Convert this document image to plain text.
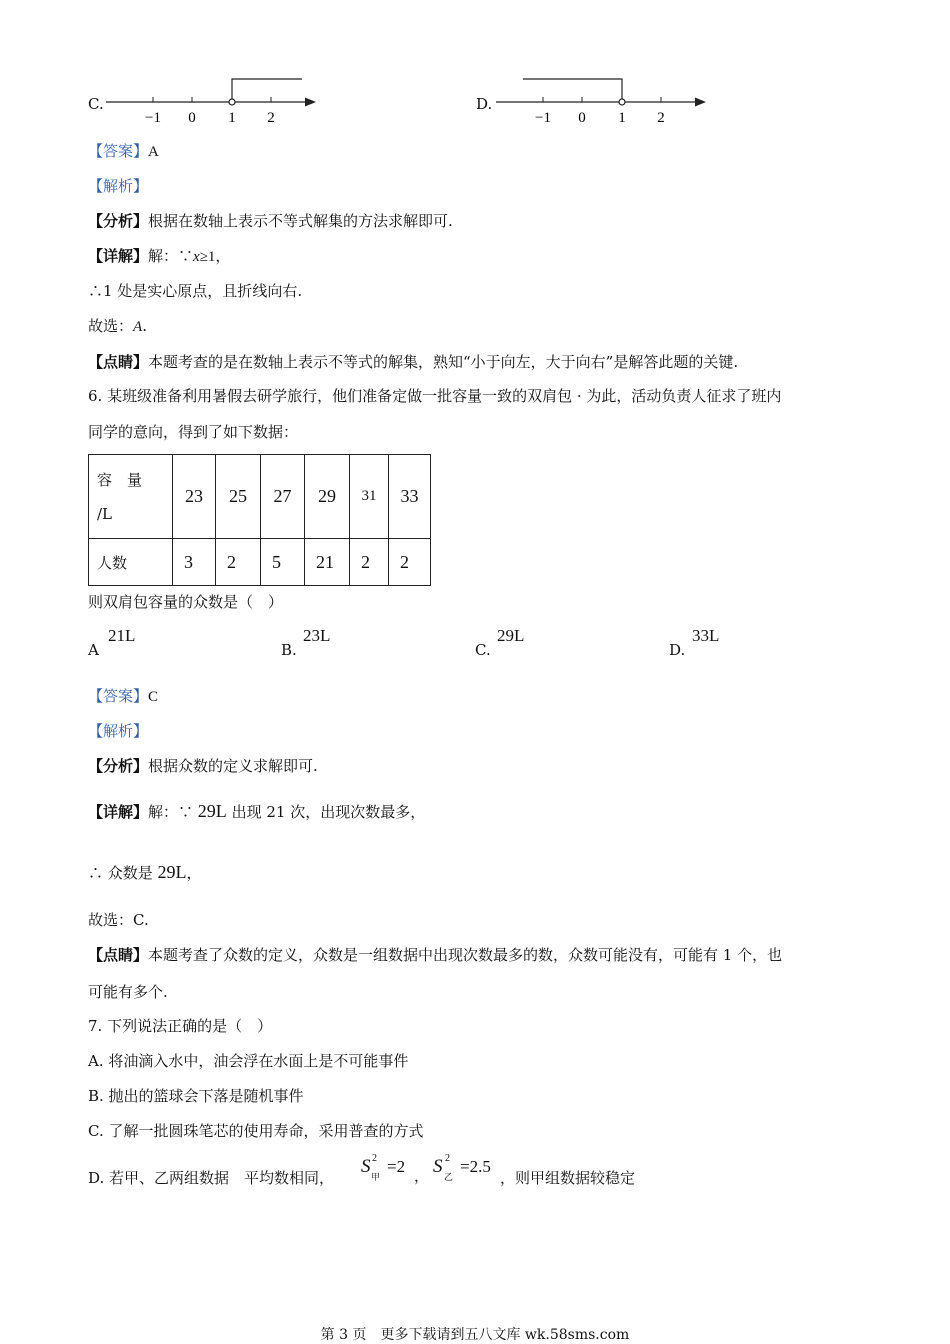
C.
−1 0 1 2
D.
−1 0 1 2
【答案】A
【解析】
【分析】根据在数轴上表示不等式解集的方法求解即可.
【详解】解：∵x≥1，
∴1 处是实心原点，且折线向右.
故选：A.
【点睛】本题考查的是在数轴上表示不等式的解集，熟知“小于向左，大于向右”是解答此题的关键.
6. 某班级准备利用暑假去研学旅行，他们准备定做一批容量一致的双肩包 · 为此，活动负责人征求了班内
同学的意向，得到了如下数据：
容　量
/L	23	25	27	29	31	33
人数	3	2	5	21	2	2
则双肩包容量的众数是（　）
A
21L
B.
23L
C.
29L
D.
33L
【答案】C
【解析】
【分析】根据众数的定义求解即可.
【详解】解：∵ 29L 出现 21 次，出现次数最多，
∴ 众数是 29L，
故选：C.
【点睛】本题考查了众数的定义，众数是一组数据中出现次数最多的数，众数可能没有，可能有 1 个，也
可能有多个.
7. 下列说法正确的是（　）
A. 将油滴入水中，油会浮在水面上是不可能事件
B. 抛出的篮球会下落是随机事件
C. 了解一批圆珠笔芯的使用寿命，采用普查的方式
D. 若甲、乙两组数据　平均数相同，
S 2
甲
=2 ， S 2
乙
=2.5
，则甲组数据较稳定
第 3 页　更多下载请到五八文库 wk.58sms.com
